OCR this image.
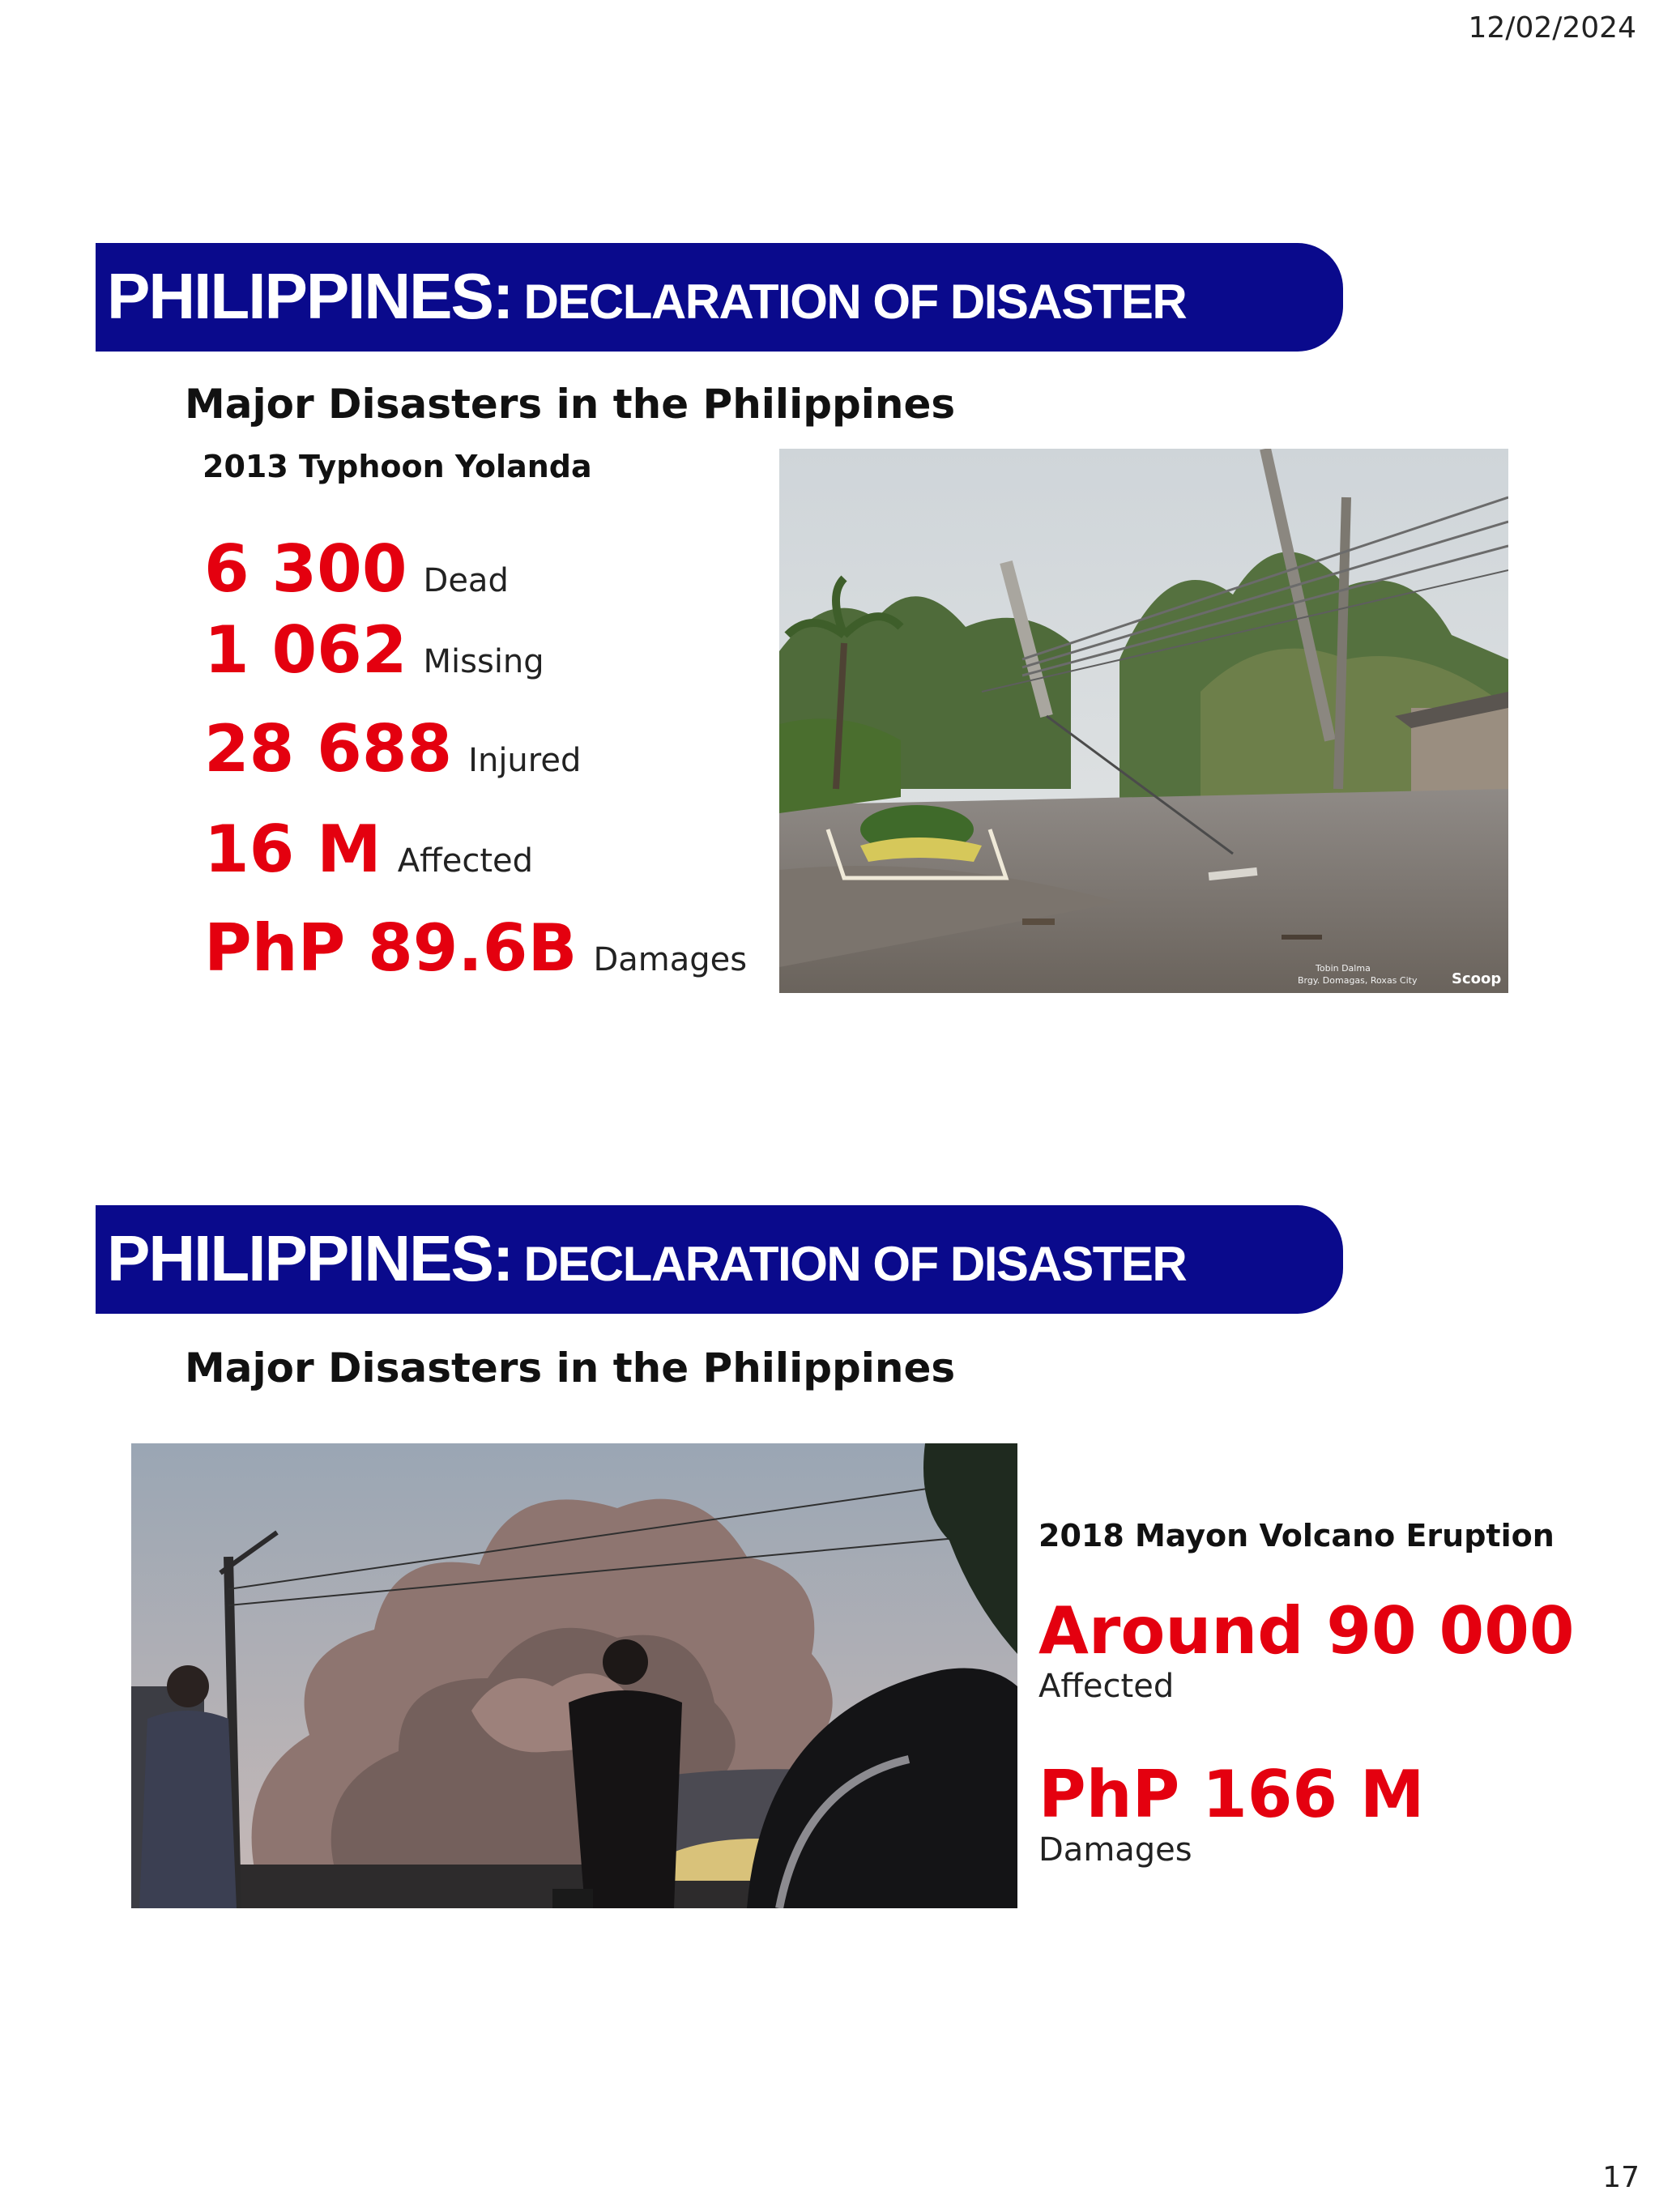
12/02/2024
17
PHILIPPINES: DECLARATION OF DISASTER
Major Disasters in the Philippines
2013 Typhoon Yolanda
6 300 Dead
1 062 Missing
28 688 Injured
16 M Affected
PhP 89.6B Damages	Tobin Dalma
Brgy. Domagas, Roxas City Scoop
PHILIPPINES: DECLARATION OF DISASTER
Major Disasters in the Philippines
2018 Mayon Volcano Eruption
Around 90 000
Affected
PhP 166 M
Damages
